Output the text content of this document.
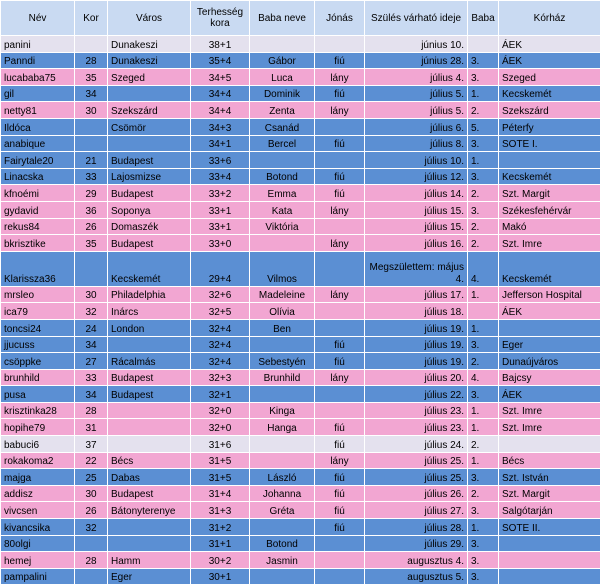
Név	Kor	Város	Terhesség kora	Baba neve	Jónás	Szülés várható ideje	Baba	Kórház
panini		Dunakeszi	38+1			június 10.		ÁEK
Panndi	28	Dunakeszi	35+4	Gábor	fiú	június 28.	3.	ÁEK
lucababa75	35	Szeged	34+5	Luca	lány	július 4.	3.	Szeged
gil	34		34+4	Dominik	fiú	július 5.	1.	Kecskemét
netty81	30	Szekszárd	34+4	Zenta	lány	július 5.	2.	Szekszárd
Ildóca		Csömör	34+3	Csanád		július 6.	5.	Péterfy
anabique			34+1	Bercel	fiú	július 8.	3.	SOTE I.
Fairytale20	21	Budapest	33+6			július 10.	1.	
Linacska	33	Lajosmizse	33+4	Botond	fiú	július 12.	3.	Kecskemét
kfnoémi	29	Budapest	33+2	Emma	fiú	július 14.	2.	Szt. Margit
gydavid	36	Soponya	33+1	Kata	lány	július 15.	3.	Székesfehérvár
rekus84	26	Domaszék	33+1	Viktória		július 15.	2.	Makó
bkrisztike	35	Budapest	33+0		lány	július 16.	2.	Szt. Imre
Klarissza36		Kecskemét	29+4	Vilmos		Megszülettem: május 4.	4.	Kecskemét
mrsleo	30	Philadelphia	32+6	Madeleine	lány	július 17.	1.	Jefferson Hospital
ica79	32	Inárcs	32+5	Olívia		július 18.		ÁEK
toncsi24	24	London	32+4	Ben		július 19.	1.	
jjucuss	34		32+4		fiú	július 19.	3.	Eger
csöppke	27	Rácalmás	32+4	Sebestyén	fiú	július 19.	2.	Dunaújváros
brunhild	33	Budapest	32+3	Brunhild	lány	július 20.	4.	Bajcsy
pusa	34	Budapest	32+1			július 22.	3.	ÁEK
krisztinka28	28		32+0	Kinga		július 23.	1.	Szt. Imre
hopihe79	31		32+0	Hanga	fiú	július 23.	1.	Szt. Imre
babuci6	37		31+6		fiú	július 24.	2.	
rokakoma2	22	Bécs	31+5		lány	július 25.	1.	Bécs
majga	25	Dabas	31+5	László	fiú	július 25.	3.	Szt. István
addisz	30	Budapest	31+4	Johanna	fiú	július 26.	2.	Szt. Margit
vivcsen	26	Bátonyterenye	31+3	Gréta	fiú	július 27.	3.	Salgótarján
kivancsika	32		31+2		fiú	július 28.	1.	SOTE II.
80olgi			31+1	Botond		július 29.	3.	
hemej	28	Hamm	30+2	Jasmin		augusztus 4.	3.	
pampalini		Eger	30+1			augusztus 5.	3.	
